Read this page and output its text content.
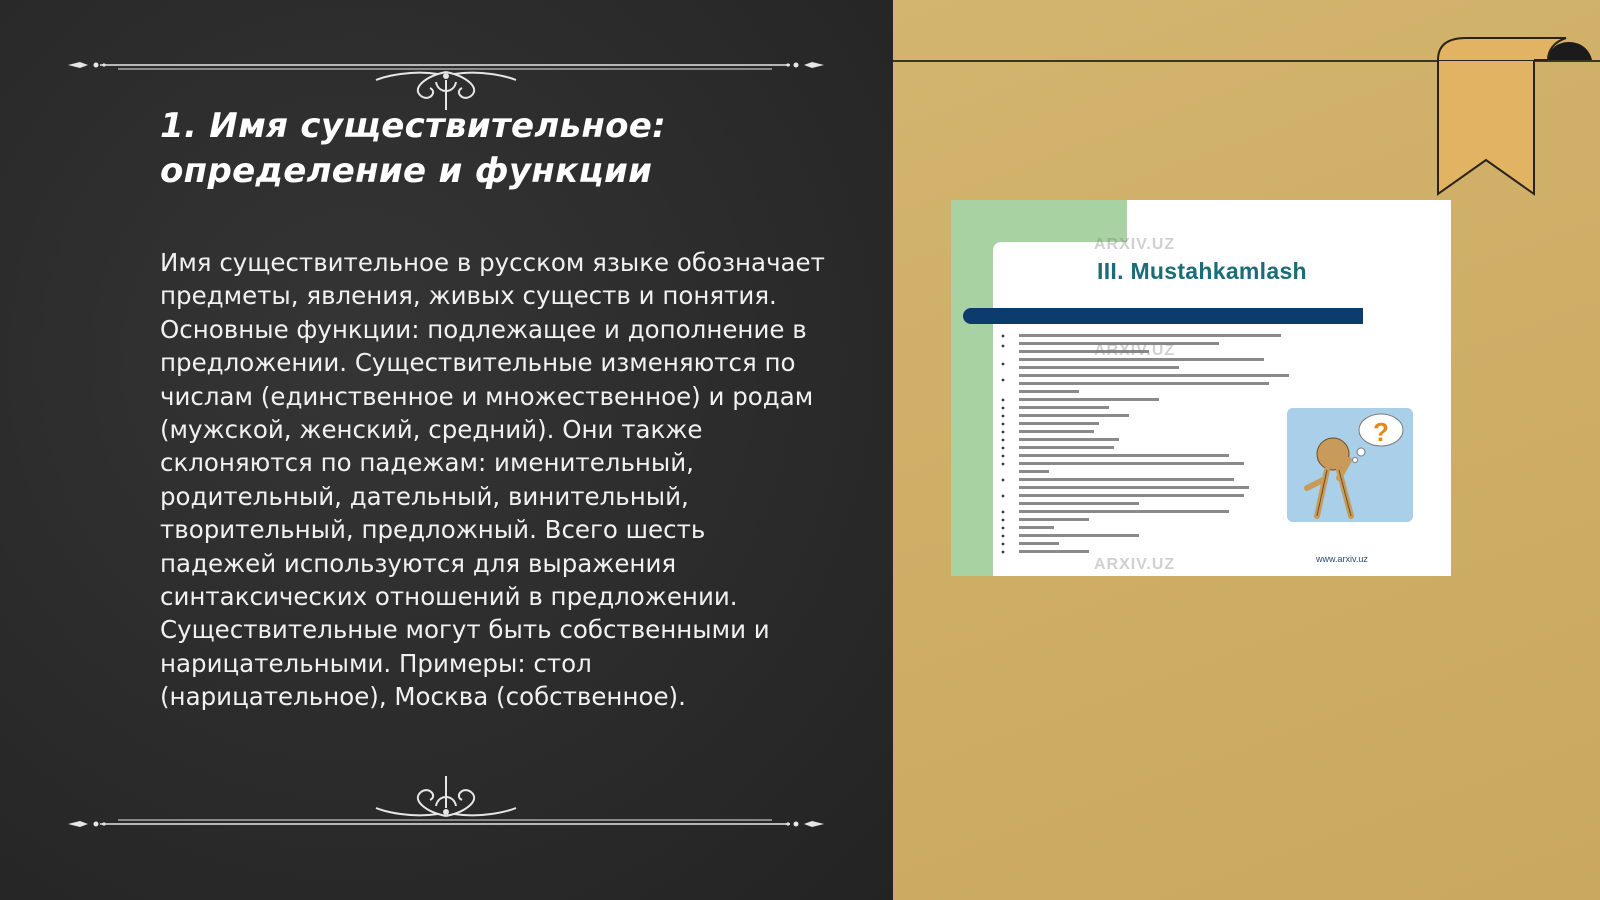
1. Имя существительное: определение и функции

Имя существительное в русском языке обозначает предметы, явления, живых существ и понятия. Основные функции: подлежащее и дополнение в предложении. Существительные изменяются по числам (единственное и множественное) и родам (мужской, женский, средний). Они также склоняются по падежам: именительный, родительный, дательный, винительный, творительный, предложный. Всего шесть падежей используются для выражения синтаксических отношений в предложении. Существительные могут быть собственными и нарицательными. Примеры: стол (нарицательное), Москва (собственное).

ARXIV.UZ
III. Mustahkamlash
ARXIV.UZ
ARXIV.UZ
?
www.arxiv.uz
